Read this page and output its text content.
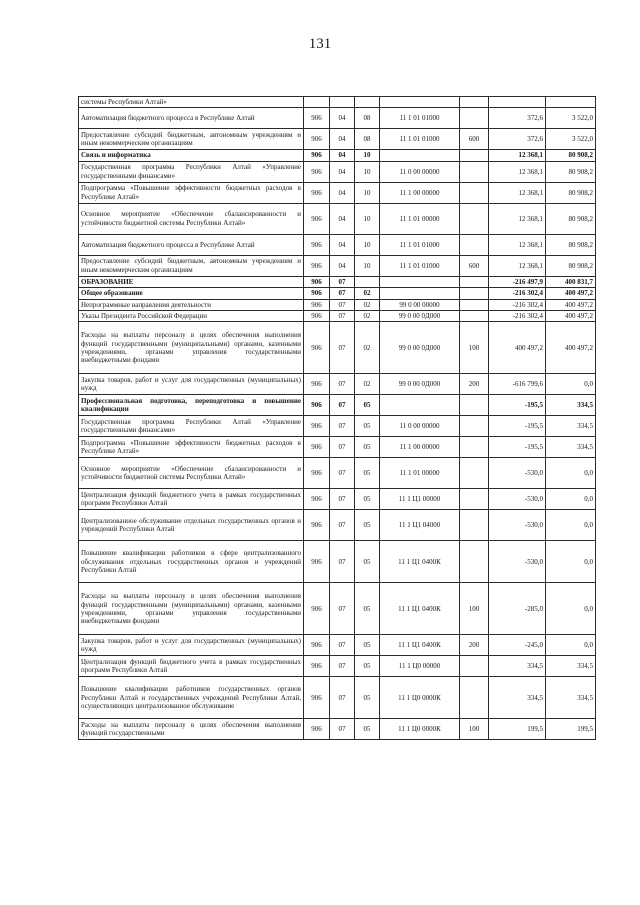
131
системы Республики Алтай»							
Автоматизация бюджетного процесса в Республике Алтай	906	04	08	11 1 01 01000		372,6	3 522,0
Предоставление субсидий бюджетным, автономным учреждениям и иным некоммерческим организациям	906	04	08	11 1 01 01000	600	372,6	3 522,0
Связь и информатика	906	04	10			12 368,1	80 908,2
Государственная программа Республики Алтай «Управление государственными финансами»	906	04	10	11 0 00 00000		12 368,1	80 908,2
Подпрограмма «Повышение эффективности бюджетных расходов в Республике Алтай»	906	04	10	11 1 00 00000		12 368,1	80 908,2
Основное мероприятие «Обеспечение сбалансированности и устойчивости бюджетной системы Республики Алтай»	906	04	10	11 1 01 00000		12 368,1	80 908,2
Автоматизация бюджетного процесса в Республике Алтай	906	04	10	11 1 01 01000		12 368,1	80 908,2
Предоставление субсидий бюджетным, автономным учреждениям и иным некоммерческим организациям	906	04	10	11 1 01 01000	600	12 368,1	80 908,2
ОБРАЗОВАНИЕ	906	07				-216 497,9	400 831,7
Общее образование	906	07	02			-216 302,4	400 497,2
Непрограммные направления деятельности	906	07	02	99 0 00 00000		-216 302,4	400 497,2
Указы Президента Российской Федерации	906	07	02	99 0 00 0Д000		-216 302,4	400 497,2
Расходы на выплаты персоналу в целях обеспечения выполнения функций государственными (муниципальными) органами, казенными учреждениями, органами управления государственными внебюджетными фондами	906	07	02	99 0 00 0Д000	100	400 497,2	400 497,2
Закупка товаров, работ и услуг для государственных (муниципальных) нужд	906	07	02	99 0 00 0Д000	200	-616 799,6	0,0
Профессиональная подготовка, переподготовка и повышение квалификации	906	07	05			-195,5	334,5
Государственная программа Республики Алтай «Управление государственными финансами»	906	07	05	11 0 00 00000		-195,5	334,5
Подпрограмма «Повышение эффективности бюджетных расходов в Республике Алтай»	906	07	05	11 1 00 00000		-195,5	334,5
Основное мероприятие «Обеспечение сбалансированности и устойчивости бюджетной системы Республики Алтай»	906	07	05	11 1 01 00000		-530,0	0,0
Централизация функций бюджетного учета в рамках государственных программ Республики Алтай	906	07	05	11 1 Ц1 00000		-530,0	0,0
Централизованное обслуживание отдельных государственных органов и учреждений Республики Алтай	906	07	05	11 1 Ц1 04000		-530,0	0,0
Повышение квалификации работников в сфере централизованного обслуживания отдельных государственных органов и учреждений Республики Алтай	906	07	05	11 1 Ц1 0400К		-530,0	0,0
Расходы на выплаты персоналу в целях обеспечения выполнения функций государственными (муниципальными) органами, казенными учреждениями, органами управления государственными внебюджетными фондами	906	07	05	11 1 Ц1 0400К	100	-285,0	0,0
Закупка товаров, работ и услуг для государственных (муниципальных) нужд	906	07	05	11 1 Ц1 0400К	200	-245,0	0,0
Централизация функций бюджетного учета в рамках государственных программ Республики Алтай	906	07	05	11 1 Ц0 00000		334,5	334,5
Повышение квалификации работников государственных органов Республики Алтай и государственных учреждений Республики Алтай, осуществляющих централизованное обслуживание	906	07	05	11 1 Ц0 0000К		334,5	334,5
Расходы на выплаты персоналу в целях обеспечения выполнения функций государственными	906	07	05	11 1 Ц0 0000К	100	199,5	199,5
